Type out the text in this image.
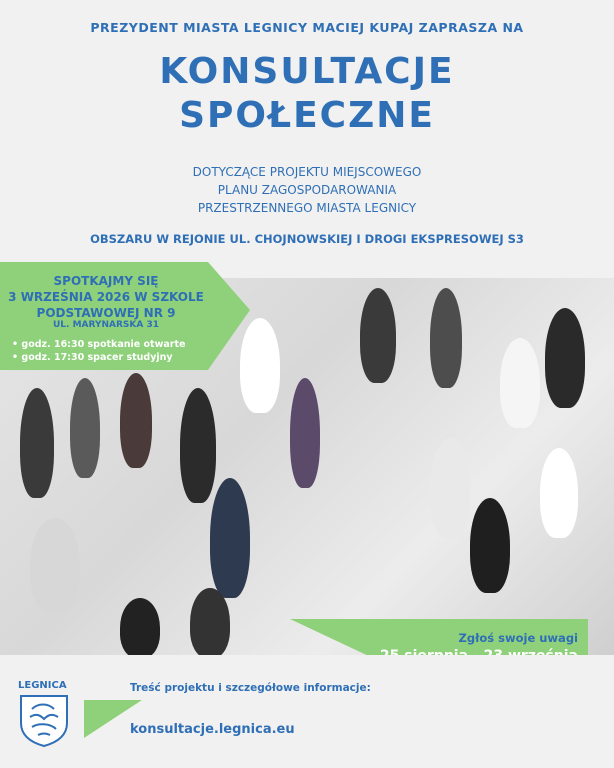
PREZYDENT MIASTA LEGNICY MACIEJ KUPAJ ZAPRASZA NA
KONSULTACJE
SPOŁECZNE
DOTYCZĄCE PROJEKTU MIEJSCOWEGO
PLANU ZAGOSPODAROWANIA
PRZESTRZENNEGO MIASTA LEGNICY
OBSZARU W REJONIE UL. CHOJNOWSKIEJ I DROGI EKSPRESOWEJ S3
SPOTKAJMY SIĘ
3 WRZEŚNIA 2026 W SZKOLE
PODSTAWOWEJ NR 9
UL. MARYNARSKA 31
• godz. 16:30 spotkanie otwarte
• godz. 17:30 spacer studyjny
Zgłoś swoje uwagi
LEGNICA	Treść projektu i szczegółowe informacje:
konsultacje.legnica.eu
